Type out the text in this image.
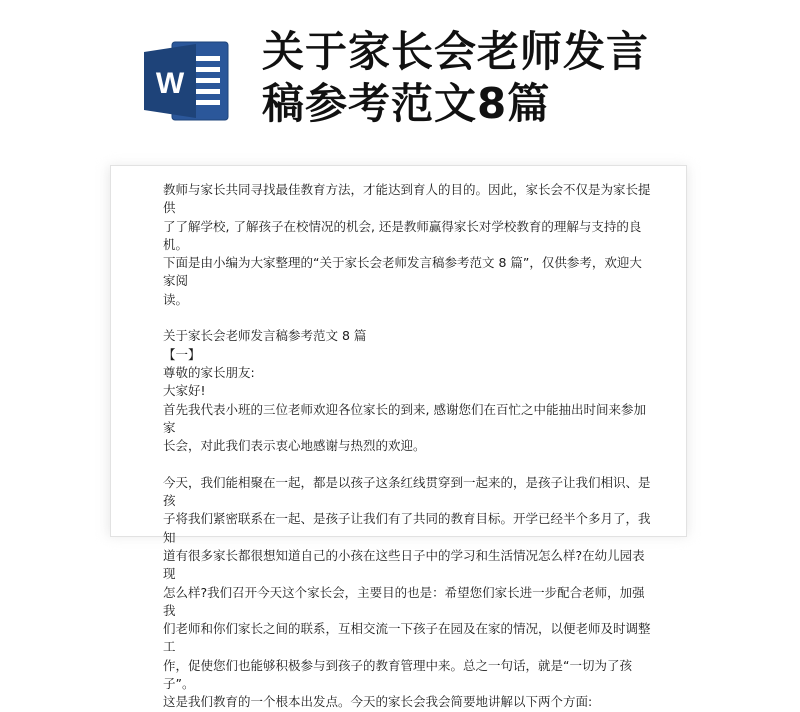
W
关于家长会老师发言
稿参考范文8篇

教师与家长共同寻找最佳教育方法，才能达到育人的目的。因此，家长会不仅是为家长提供

了了解学校, 了解孩子在校情况的机会, 还是教师赢得家长对学校教育的理解与支持的良机。

下面是由小编为大家整理的“关于家长会老师发言稿参考范文 8 篇”，仅供参考，欢迎大家阅

读。

关于家长会老师发言稿参考范文 8 篇

【一】

尊敬的家长朋友:

大家好!

首先我代表小班的三位老师欢迎各位家长的到来, 感谢您们在百忙之中能抽出时间来参加家

长会，对此我们表示衷心地感谢与热烈的欢迎。

今天，我们能相聚在一起，都是以孩子这条红线贯穿到一起来的，是孩子让我们相识、是孩

子将我们紧密联系在一起、是孩子让我们有了共同的教育目标。开学已经半个多月了，我知

道有很多家长都很想知道自己的小孩在这些日子中的学习和生活情况怎么样?在幼儿园表现

怎么样?我们召开今天这个家长会，主要目的也是：希望您们家长进一步配合老师，加强我

们老师和你们家长之间的联系，互相交流一下孩子在园及在家的情况，以便老师及时调整工

作，促使您们也能够积极参与到孩子的教育管理中来。总之一句话，就是“一切为了孩子”。

这是我们教育的一个根本出发点。今天的家长会我会简要地讲解以下两个方面:
